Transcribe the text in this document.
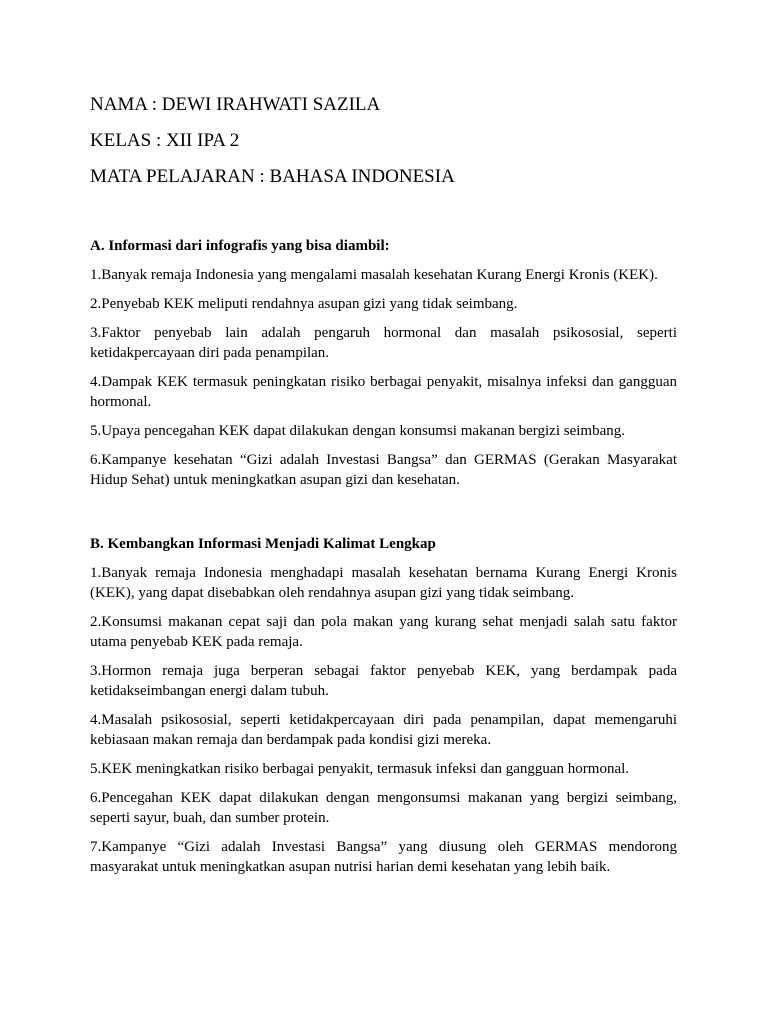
NAMA : DEWI IRAHWATI SAZILA
KELAS : XII IPA 2
MATA PELAJARAN : BAHASA INDONESIA
A. Informasi dari infografis yang bisa diambil:
1.Banyak remaja Indonesia yang mengalami masalah kesehatan Kurang Energi Kronis (KEK).
2.Penyebab KEK meliputi rendahnya asupan gizi yang tidak seimbang.
3.Faktor penyebab lain adalah pengaruh hormonal dan masalah psikososial, seperti ketidakpercayaan diri pada penampilan.
4.Dampak KEK termasuk peningkatan risiko berbagai penyakit, misalnya infeksi dan gangguan hormonal.
5.Upaya pencegahan KEK dapat dilakukan dengan konsumsi makanan bergizi seimbang.
6.Kampanye kesehatan “Gizi adalah Investasi Bangsa” dan GERMAS (Gerakan Masyarakat Hidup Sehat) untuk meningkatkan asupan gizi dan kesehatan.
B. Kembangkan Informasi Menjadi Kalimat Lengkap
1.Banyak remaja Indonesia menghadapi masalah kesehatan bernama Kurang Energi Kronis (KEK), yang dapat disebabkan oleh rendahnya asupan gizi yang tidak seimbang.
2.Konsumsi makanan cepat saji dan pola makan yang kurang sehat menjadi salah satu faktor utama penyebab KEK pada remaja.
3.Hormon remaja juga berperan sebagai faktor penyebab KEK, yang berdampak pada ketidakseimbangan energi dalam tubuh.
4.Masalah psikososial, seperti ketidakpercayaan diri pada penampilan, dapat memengaruhi kebiasaan makan remaja dan berdampak pada kondisi gizi mereka.
5.KEK meningkatkan risiko berbagai penyakit, termasuk infeksi dan gangguan hormonal.
6.Pencegahan KEK dapat dilakukan dengan mengonsumsi makanan yang bergizi seimbang, seperti sayur, buah, dan sumber protein.
7.Kampanye “Gizi adalah Investasi Bangsa” yang diusung oleh GERMAS mendorong masyarakat untuk meningkatkan asupan nutrisi harian demi kesehatan yang lebih baik.
